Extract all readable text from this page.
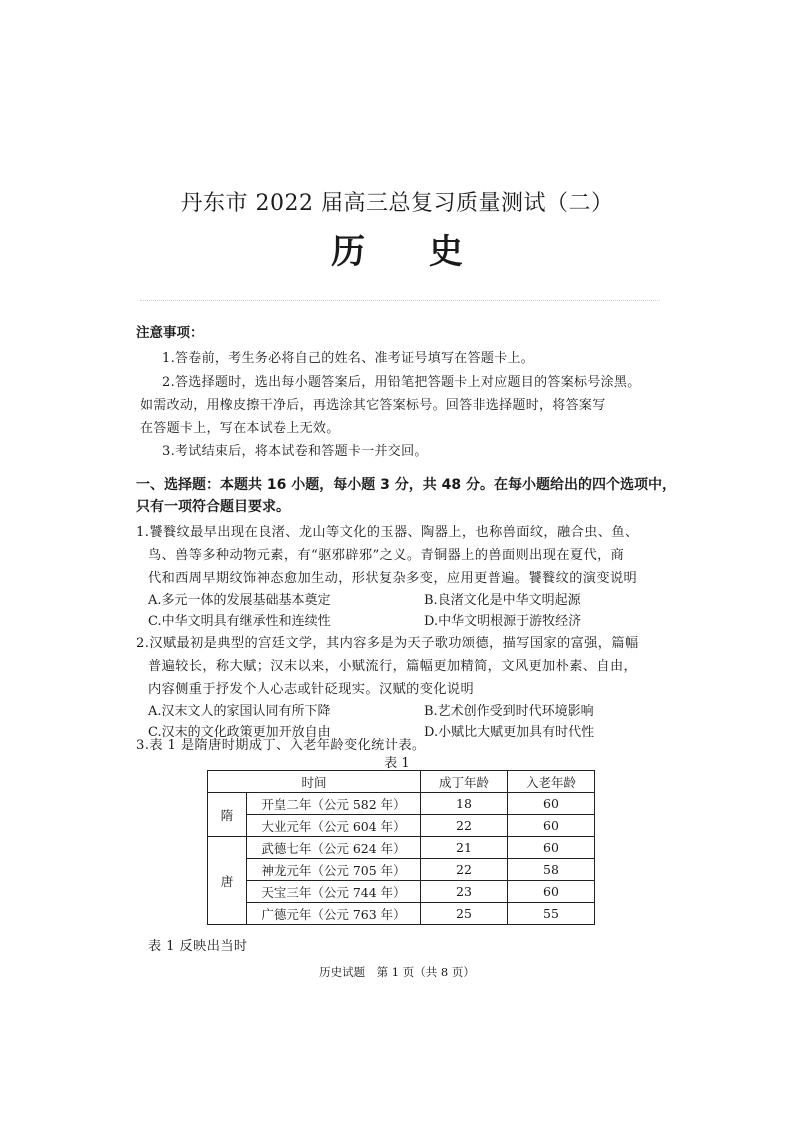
丹东市 2022 届高三总复习质量测试（二）
历 史
注意事项：
1.答卷前，考生务必将自己的姓名、准考证号填写在答题卡上。
2.答选择题时，选出每小题答案后，用铅笔把答题卡上对应题目的答案标号涂黑。
如需改动，用橡皮擦干净后，再选涂其它答案标号。回答非选择题时，将答案写
在答题卡上，写在本试卷上无效。
3.考试结束后，将本试卷和答题卡一并交回。
一、选择题：本题共 16 小题，每小题 3 分，共 48 分。在每小题给出的四个选项中，只有一项符合题目要求。
1.饕餮纹最早出现在良渚、龙山等文化的玉器、陶器上，也称兽面纹，融合虫、鱼、
鸟、兽等多种动物元素，有“驱邪辟邪”之义。青铜器上的兽面则出现在夏代，商
代和西周早期纹饰神态愈加生动，形状复杂多变，应用更普遍。饕餮纹的演变说明
A.多元一体的发展基础基本奠定	B.良渚文化是中华文明起源
C.中华文明具有继承性和连续性	D.中华文明根源于游牧经济
2.汉赋最初是典型的宫廷文学，其内容多是为天子歌功颂德，描写国家的富强，篇幅
普遍较长，称大赋；汉末以来，小赋流行，篇幅更加精简，文风更加朴素、自由，
内容侧重于抒发个人心志或针砭现实。汉赋的变化说明
A.汉末文人的家国认同有所下降	B.艺术创作受到时代环境影响
C.汉末的文化政策更加开放自由	D.小赋比大赋更加具有时代性
3.表 1 是隋唐时期成丁、入老年龄变化统计表。
表 1
时间		成丁年龄	入老年龄
隋	开皇二年（公元 582 年）	18	60
	大业元年（公元 604 年）	22	60
唐	武德七年（公元 624 年）	21	60
	神龙元年（公元 705 年）	22	58
	天宝三年（公元 744 年）	23	60
	广德元年（公元 763 年）	25	55
表 1 反映出当时
历史试题　第 1 页（共 8 页）
